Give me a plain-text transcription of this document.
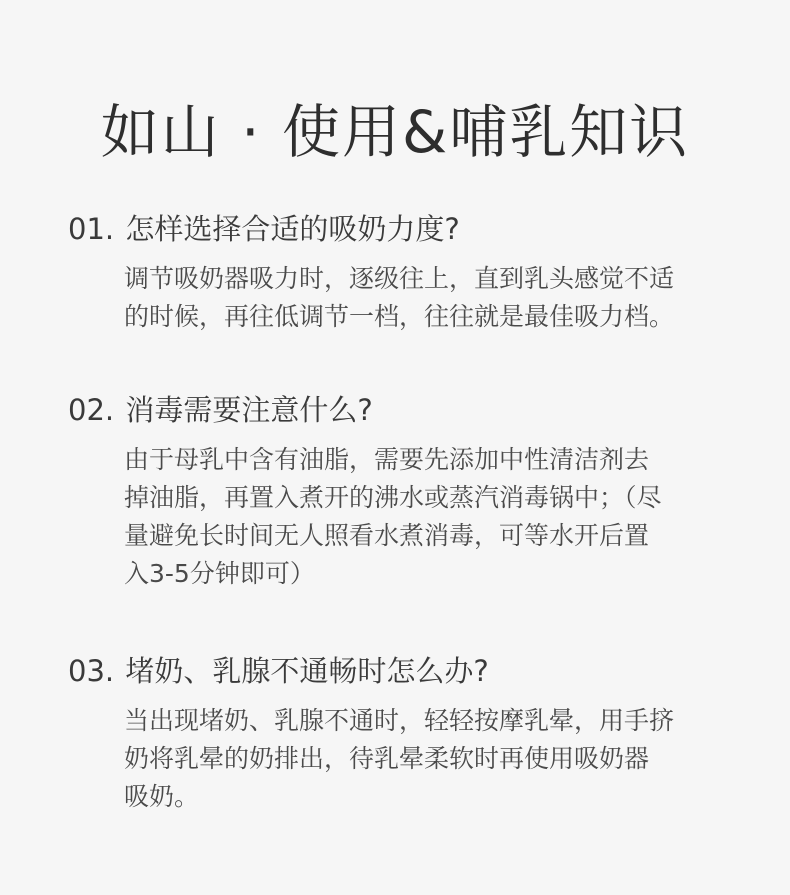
如山 · 使用&哺乳知识
01. 怎样选择合适的吸奶力度?
调节吸奶器吸力时，逐级往上，直到乳头感觉不适
的时候，再往低调节一档，往往就是最佳吸力档。
02. 消毒需要注意什么?
由于母乳中含有油脂，需要先添加中性清洁剂去
掉油脂，再置入煮开的沸水或蒸汽消毒锅中；（尽
量避免长时间无人照看水煮消毒，可等水开后置
入3-5分钟即可）
03. 堵奶、乳腺不通畅时怎么办?
当出现堵奶、乳腺不通时，轻轻按摩乳晕，用手挤
奶将乳晕的奶排出，待乳晕柔软时再使用吸奶器
吸奶。
